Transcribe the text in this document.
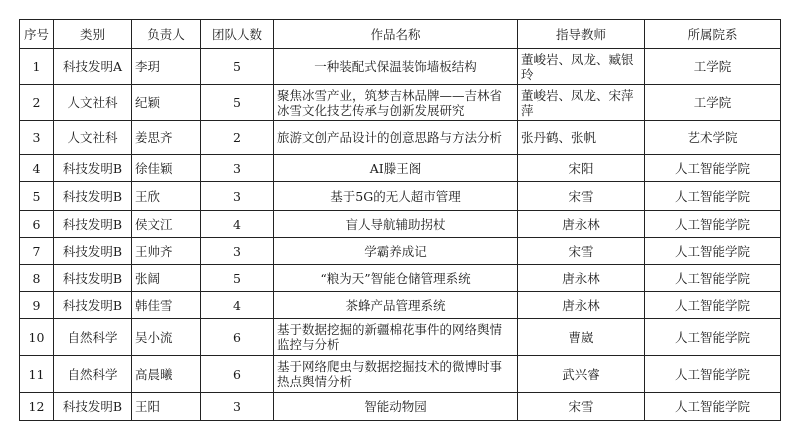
序号	类别	负责人	团队人数	作品名称	指导教师	所属院系
1	科技发明A	李玥	5	一种装配式保温装饰墙板结构	董峻岩、凤龙、臧银玲	工学院
2	人文社科	纪颖	5	聚焦冰雪产业，筑梦吉林品牌——吉林省冰雪文化技艺传承与创新发展研究	董峻岩、凤龙、宋萍萍	工学院
3	人文社科	姜思齐	2	旅游文创产品设计的创意思路与方法分析	张丹鹤、张帆	艺术学院
4	科技发明B	徐佳颖	3	AI滕王阁	宋阳	人工智能学院
5	科技发明B	王欣	3	基于5G的无人超市管理	宋雪	人工智能学院
6	科技发明B	侯文江	4	盲人导航辅助拐杖	唐永林	人工智能学院
7	科技发明B	王帅齐	3	学霸养成记	宋雪	人工智能学院
8	科技发明B	张阔	5	“粮为天”智能仓储管理系统	唐永林	人工智能学院
9	科技发明B	韩佳雪	4	茶蜂产品管理系统	唐永林	人工智能学院
10	自然科学	吴小流	6	基于数据挖掘的新疆棉花事件的网络舆情监控与分析	曹崴	人工智能学院
11	自然科学	高晨曦	6	基于网络爬虫与数据挖掘技术的微博时事热点舆情分析	武兴睿	人工智能学院
12	科技发明B	王阳	3	智能动物园	宋雪	人工智能学院
